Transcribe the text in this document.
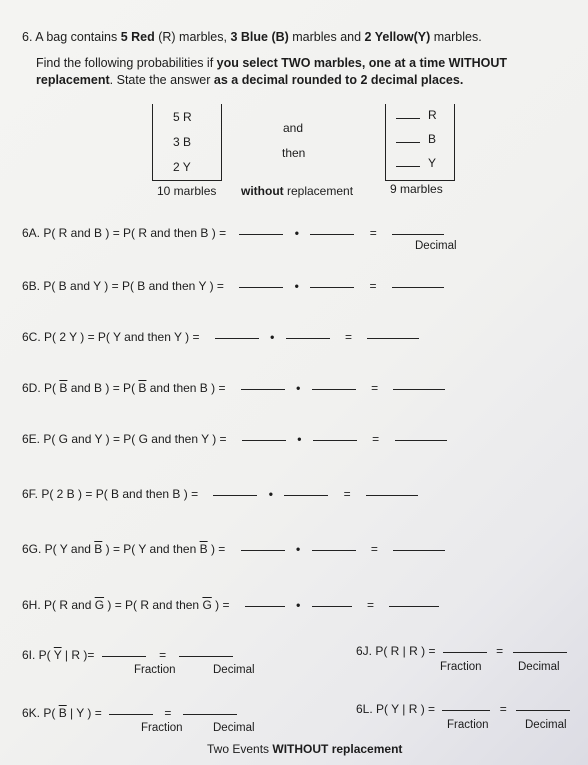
6. A bag contains 5 Red (R) marbles, 3 Blue (B) marbles and 2 Yellow(Y) marbles.
Find the following probabilities if you select TWO marbles, one at a time WITHOUT
replacement. State the answer as a decimal rounded to 2 decimal places.
5 R
3 B
2 Y
10 marbles
and
then
without replacement
R
B
Y
9 marbles
6A. P( R and B ) = P( R and then B ) =	•	=
Decimal
6B. P( B and Y ) = P( B and then Y ) =	•	=
6C. P( 2 Y ) = P( Y and then Y ) =	•	=
6D. P( $\overline{B}$ and B ) = P( $\overline{B}$ and then B ) =	•	=
6E. P( G and Y ) = P( G and then Y ) =	•	=
6F. P( 2 B ) = P( B and then B ) =	•	=
6G. P( Y and $\overline{B}$ ) = P( Y and then $\overline{B}$ ) =	•	=
6H. P( R and $\overline{G}$ ) = P( R and then $\overline{G}$ ) =	•	=
6I. P( $\overline{Y}$ | R )=	=
Fraction	Decimal
6J. P( R | R ) =	=
Fraction	Decimal
6K. P( $\overline{B}$ | Y ) =	=
Fraction	Decimal
6L. P( Y | R ) =	=
Fraction	Decimal
Two Events WITHOUT replacement
